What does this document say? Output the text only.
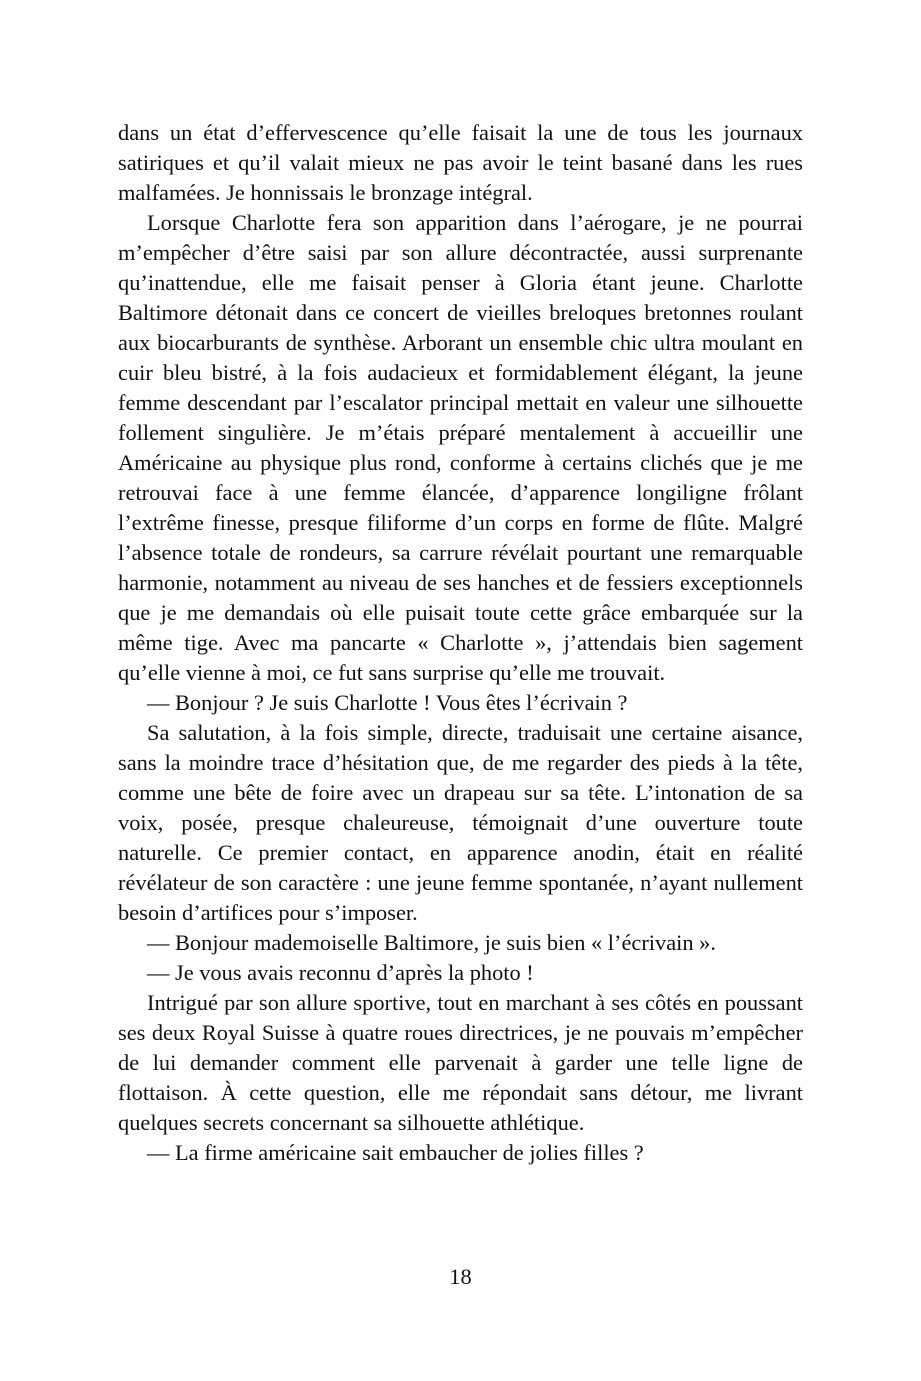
dans un état d’effervescence qu’elle faisait la une de tous les journaux satiriques et qu’il valait mieux ne pas avoir le teint basané dans les rues malfamées. Je honnissais le bronzage intégral.

Lorsque Charlotte fera son apparition dans l’aérogare, je ne pourrai m’empêcher d’être saisi par son allure décontractée, aussi surprenante qu’inattendue, elle me faisait penser à Gloria étant jeune. Charlotte Baltimore détonait dans ce concert de vieilles breloques bretonnes roulant aux biocarburants de synthèse. Arborant un ensemble chic ultra moulant en cuir bleu bistré, à la fois audacieux et formidablement élégant, la jeune femme descendant par l’escalator principal mettait en valeur une silhouette follement singulière. Je m’étais préparé mentalement à accueillir une Américaine au physique plus rond, conforme à certains clichés que je me retrouvai face à une femme élancée, d’apparence longiligne frôlant l’extrême finesse, presque filiforme d’un corps en forme de flûte. Malgré l’absence totale de rondeurs, sa carrure révélait pourtant une remarquable harmonie, notamment au niveau de ses hanches et de fessiers exceptionnels que je me demandais où elle puisait toute cette grâce embarquée sur la même tige. Avec ma pancarte « Charlotte », j’attendais bien sagement qu’elle vienne à moi, ce fut sans surprise qu’elle me trouvait.

— Bonjour ? Je suis Charlotte ! Vous êtes l’écrivain ?

Sa salutation, à la fois simple, directe, traduisait une certaine aisance, sans la moindre trace d’hésitation que, de me regarder des pieds à la tête, comme une bête de foire avec un drapeau sur sa tête. L’intonation de sa voix, posée, presque chaleureuse, témoignait d’une ouverture toute naturelle. Ce premier contact, en apparence anodin, était en réalité révélateur de son caractère : une jeune femme spontanée, n’ayant nullement besoin d’artifices pour s’imposer.

— Bonjour mademoiselle Baltimore, je suis bien « l’écrivain ».

— Je vous avais reconnu d’après la photo !

Intrigué par son allure sportive, tout en marchant à ses côtés en poussant ses deux Royal Suisse à quatre roues directrices, je ne pouvais m’empêcher de lui demander comment elle parvenait à garder une telle ligne de flottaison. À cette question, elle me répondait sans détour, me livrant quelques secrets concernant sa silhouette athlétique.

— La firme américaine sait embaucher de jolies filles ?

18
